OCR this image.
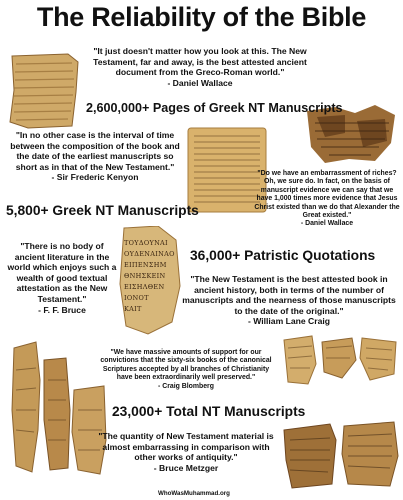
The Reliability of the Bible
"It just doesn't matter how you look at this. The New Testament, far and away, is the best attested ancient document from the Greco-Roman world."
- Daniel Wallace
2,600,000+ Pages of Greek NT Manuscripts
"In no other case is the interval of time between the composition of the book and the date of the earliest manuscripts so short as in that of the New Testament."
- Sir Frederic Kenyon	"Do we have an embarrassment of riches? Oh, we sure do. In fact, on the basis of manuscript evidence we can say that we have 1,000 times more evidence that Jesus Christ existed than we do that Alexander the Great existed."
- Daniel Wallace
5,800+ Greek NT Manuscripts
"There is no body of ancient literature in the world which enjoys such a wealth of good textual attestation as the New Testament."
- F. F. Bruce
ΤΟΥΔΟΥΝΑΙ
ΟΥΔΕΝΑΙΝΑΟ
ΕΙΠΕΝΣΗΜ
ΘΝΗΣΚΕΙΝ
ΕΙΣΗΛΘΕΝ
ΙΟΝΟΤ
ΚΑΙΤ
36,000+ Patristic Quotations
"The New Testament is the best attested book in ancient history, both in terms of the number of manuscripts and the nearness of those manuscripts to the date of the original."
- William Lane Craig
"We have massive amounts of support for our convictions that the sixty-six books of the canonical Scriptures accepted by all branches of Christianity have been extraordinarily well preserved."
- Craig Blomberg
23,000+ Total NT Manuscripts
"The quantity of New Testament material is almost embarrassing in comparison with other works of antiquity."
- Bruce Metzger
WhoWasMuhammad.org
